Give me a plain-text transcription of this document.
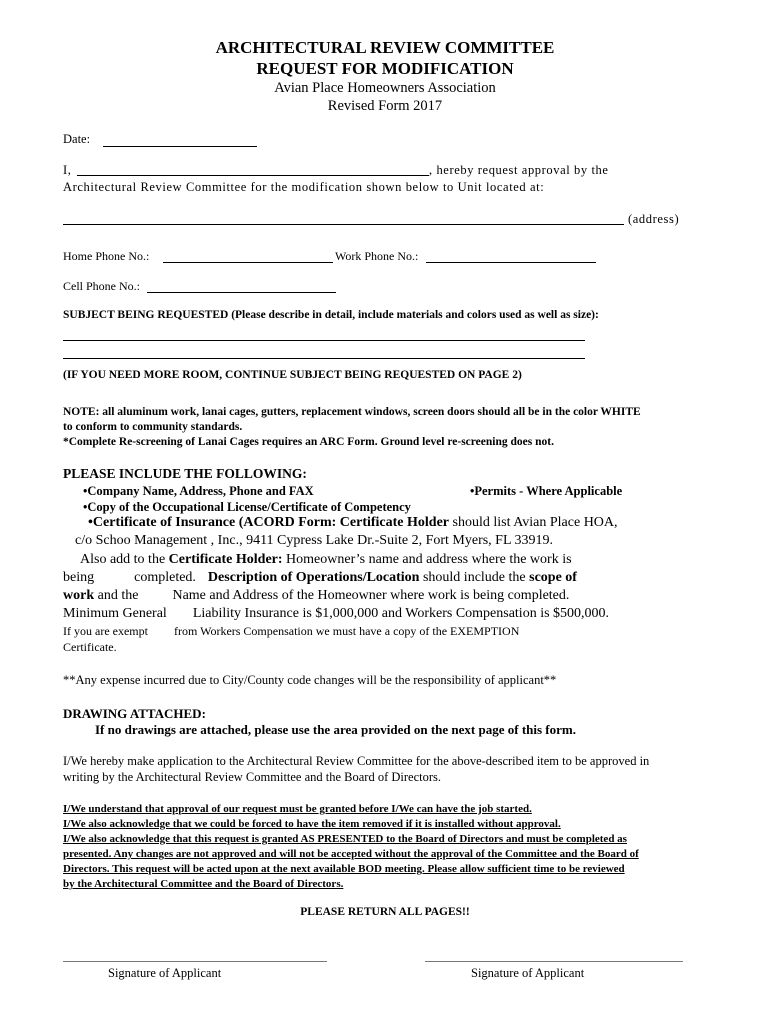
ARCHITECTURAL REVIEW COMMITTEE
REQUEST FOR MODIFICATION
Avian Place Homeowners Association
Revised Form 2017
Date:
I,	, hereby request approval by the
Architectural Review Committee for the modification shown below to Unit located at:
(address)
Home Phone No.:	Work Phone No.:
Cell Phone No.:
SUBJECT BEING REQUESTED (Please describe in detail, include materials and colors used as well as size):
(IF YOU NEED MORE ROOM, CONTINUE SUBJECT BEING REQUESTED ON PAGE 2)
NOTE: all aluminum work, lanai cages, gutters, replacement windows, screen doors should all be in the color WHITE
to conform to community standards.
*Complete Re-screening of Lanai Cages requires an ARC Form. Ground level re-screening does not.
PLEASE INCLUDE THE FOLLOWING:
•Company Name, Address, Phone and FAX	•Permits - Where Applicable
•Copy of the Occupational License/Certificate of Competency
•Certificate of Insurance (ACORD Form: Certificate Holder should list Avian Place HOA,
c/o Schoo Management , Inc., 9411 Cypress Lake Dr.-Suite 2, Fort Myers, FL 33919.
Also add to the Certificate Holder: Homeowner’s name and address where the work is
being	completed. Description of Operations/Location should include the scope of
work and the Name and Address of the Homeowner where work is being completed.
Minimum General Liability Insurance is $1,000,000 and Workers Compensation is $500,000.
If you are exempt from Workers Compensation we must have a copy of the EXEMPTION
Certificate.
**Any expense incurred due to City/County code changes will be the responsibility of applicant**
DRAWING ATTACHED:
If no drawings are attached, please use the area provided on the next page of this form.
I/We hereby make application to the Architectural Review Committee for the above-described item to be approved in
writing by the Architectural Review Committee and the Board of Directors.
I/We understand that approval of our request must be granted before I/We can have the job started.
I/We also acknowledge that we could be forced to have the item removed if it is installed without approval.
I/We also acknowledge that this request is granted AS PRESENTED to the Board of Directors and must be completed as
presented. Any changes are not approved and will not be accepted without the approval of the Committee and the Board of
Directors. This request will be acted upon at the next available BOD meeting. Please allow sufficient time to be reviewed
by the Architectural Committee and the Board of Directors.
PLEASE RETURN ALL PAGES!!
Signature of Applicant	Signature of Applicant
